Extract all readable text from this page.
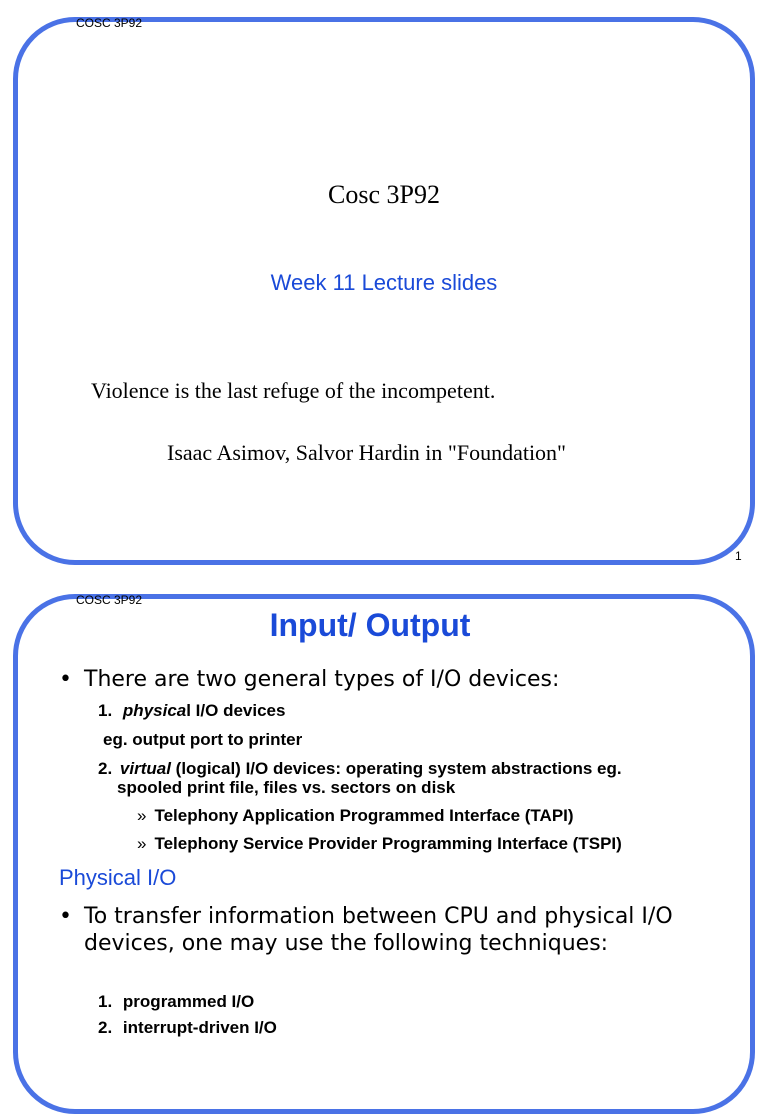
COSC 3P92
Cosc 3P92
Week 11 Lecture slides
Violence is the last refuge of the incompetent.
Isaac Asimov, Salvor Hardin in "Foundation"
1
COSC 3P92
Input/ Output
• There are two general types of I/O devices:
1. physical I/O devices
eg. output port to printer
2. virtual (logical) I/O devices: operating system abstractions eg.
spooled print file, files vs. sectors on disk
» Telephony Application Programmed Interface (TAPI)
» Telephony Service Provider Programming Interface (TSPI)
Physical I/O
• To transfer information between CPU and physical I/O devices, one may use the following techniques:
1. programmed I/O
2. interrupt-driven I/O
